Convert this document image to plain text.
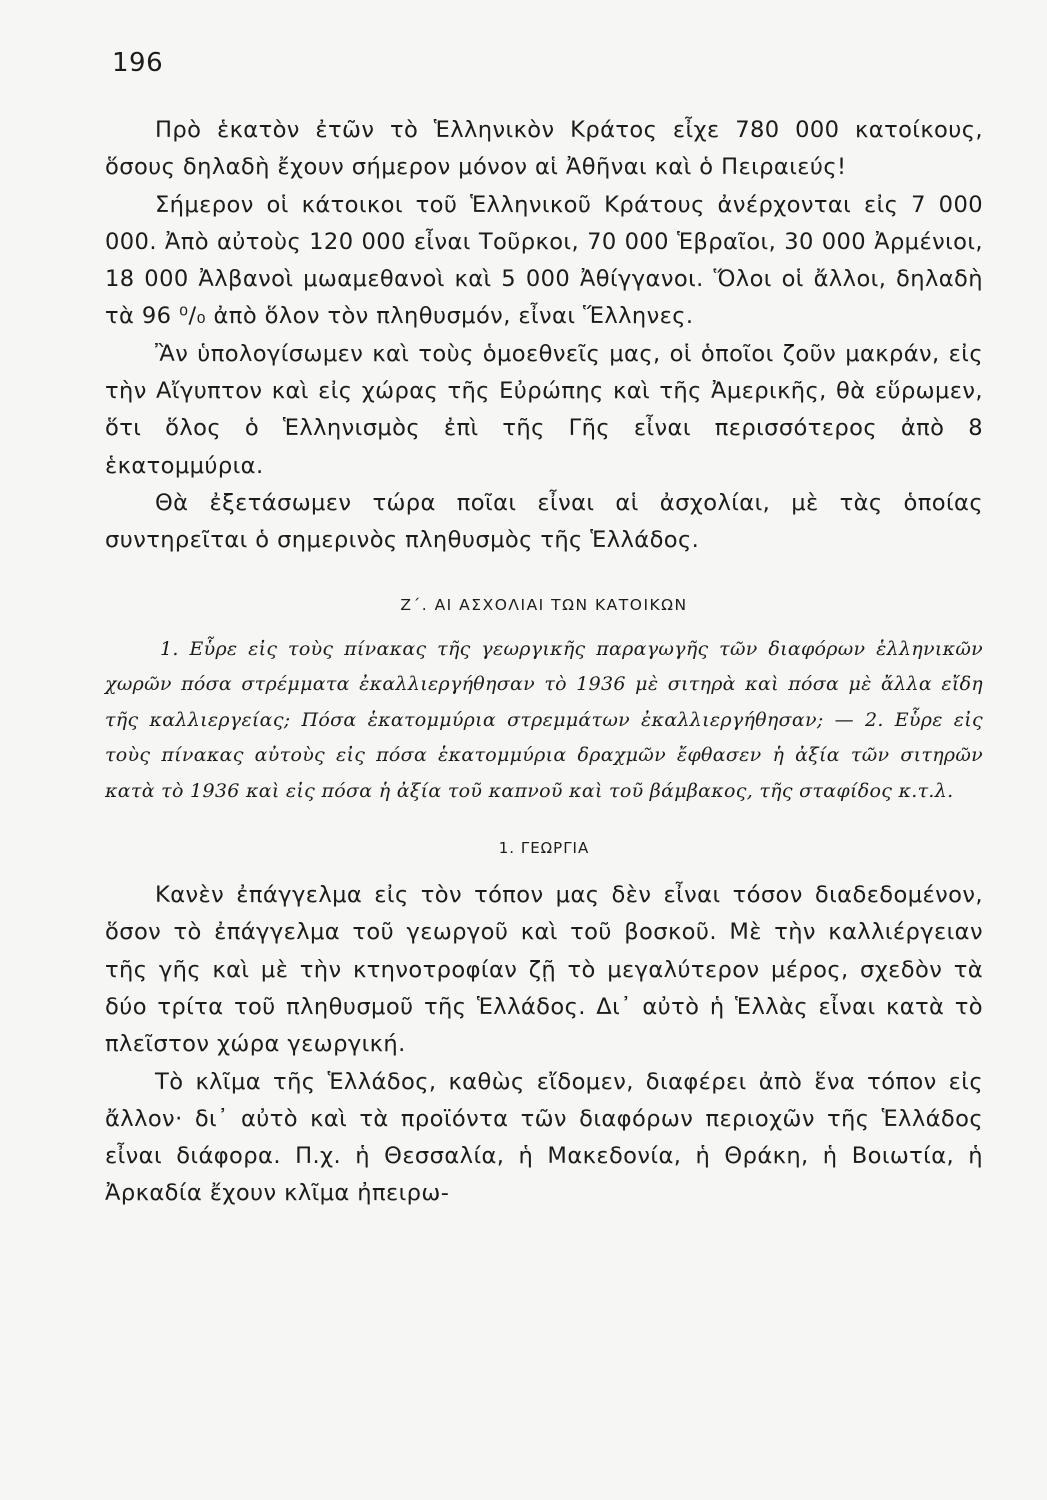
196

Πρὸ ἑκατὸν ἐτῶν τὸ Ἑλληνικὸν Κράτος εἶχε 780 000 κατοίκους, ὅσους δηλαδὴ ἔχουν σήμερον μόνον αἱ Ἀθῆναι καὶ ὁ Πειραιεύς!

Σήμερον οἱ κάτοικοι τοῦ Ἑλληνικοῦ Κράτους ἀνέρχονται εἰς 7 000 000. Ἀπὸ αὐτοὺς 120 000 εἶναι Τοῦρκοι, 70 000 Ἑβραῖοι, 30 000 Ἀρμένιοι, 18 000 Ἀλβανοὶ μωαμεθανοὶ καὶ 5 000 Ἀθίγγανοι. Ὅλοι οἱ ἄλλοι, δηλαδὴ τὰ 96 ⁰/₀ ἀπὸ ὅλον τὸν πληθυσμόν, εἶναι Ἕλληνες.

Ἂν ὑπολογίσωμεν καὶ τοὺς ὁμοεθνεῖς μας, οἱ ὁποῖοι ζοῦν μακράν, εἰς τὴν Αἴγυπτον καὶ εἰς χώρας τῆς Εὐρώπης καὶ τῆς Ἀμερικῆς, θὰ εὕρωμεν, ὅτι ὅλος ὁ Ἑλληνισμὸς ἐπὶ τῆς Γῆς εἶναι περισσότερος ἀπὸ 8 ἑκατομμύρια.

Θὰ ἐξετάσωμεν τώρα ποῖαι εἶναι αἱ ἀσχολίαι, μὲ τὰς ὁποίας συντηρεῖται ὁ σημερινὸς πληθυσμὸς τῆς Ἑλλάδος.

Ζ΄. ΑΙ ΑΣΧΟΛΙΑΙ ΤΩΝ ΚΑΤΟΙΚΩΝ

1. Εὗρε εἰς τοὺς πίνακας τῆς γεωργικῆς παραγωγῆς τῶν διαφόρων ἑλληνικῶν χωρῶν πόσα στρέμματα ἐκαλλιεργήθησαν τὸ 1936 μὲ σιτηρὰ καὶ πόσα μὲ ἄλλα εἴδη τῆς καλλιεργείας; Πόσα ἑκατομμύρια στρεμμάτων ἐκαλλιεργήθησαν; — 2. Εὗρε εἰς τοὺς πίνακας αὐτοὺς εἰς πόσα ἑκατομμύρια δραχμῶν ἔφθασεν ἡ ἀξία τῶν σιτηρῶν κατὰ τὸ 1936 καὶ εἰς πόσα ἡ ἀξία τοῦ καπνοῦ καὶ τοῦ βάμβακος, τῆς σταφίδος κ.τ.λ.

1. ΓΕΩΡΓΙΑ

Κανὲν ἐπάγγελμα εἰς τὸν τόπον μας δὲν εἶναι τόσον διαδεδομένον, ὅσον τὸ ἐπάγγελμα τοῦ γεωργοῦ καὶ τοῦ βοσκοῦ. Μὲ τὴν καλλιέργειαν τῆς γῆς καὶ μὲ τὴν κτηνοτροφίαν ζῇ τὸ μεγαλύτερον μέρος, σχεδὸν τὰ δύο τρίτα τοῦ πληθυσμοῦ τῆς Ἑλλάδος. Δι᾽ αὐτὸ ἡ Ἑλλὰς εἶναι κατὰ τὸ πλεῖστον χώρα γεωργική.

Τὸ κλῖμα τῆς Ἑλλάδος, καθὼς εἴδομεν, διαφέρει ἀπὸ ἕνα τόπον εἰς ἄλλον· δι᾽ αὐτὸ καὶ τὰ προϊόντα τῶν διαφόρων περιοχῶν τῆς Ἑλλάδος εἶναι διάφορα. Π.χ. ἡ Θεσσαλία, ἡ Μακεδονία, ἡ Θράκη, ἡ Βοιωτία, ἡ Ἀρκαδία ἔχουν κλῖμα ἠπειρω-
